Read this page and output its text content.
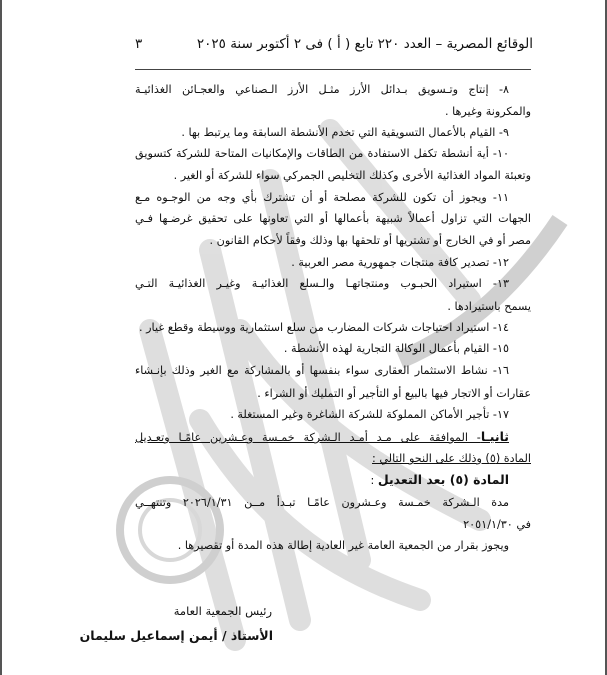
الوقائع المصرية – العدد ٢٢٠ تابع ( أ ) فى ٢ أكتوبر سنة ٢٠٢٥
٣
٨- إنتاج وتـسويق بـدائل الأرز مثـل الأرز الـصناعي والعجـائن الغذائيـة
والمكرونة وغيرها .
٩- القيام بالأعمال التسويقية التي تخدم الأنشطة السابقة وما يرتبط بها .
١٠- أية أنشطة تكفل الاستفادة من الطاقات والإمكانيات المتاحة للشركة كتسويق
وتعبئة المواد الغذائية الأخرى وكذلك التخليص الجمركي سواء للشركة أو الغير .
١١- ويجوز أن تكون للشركة مصلحة أو أن تشترك بأي وجه من الوجـوه مـع
الجهات التي تزاول أعمالاً شبيهة بأعمالها أو التي تعاونها على تحقيق غرضـها فـي
مصر أو في الخارج أو تشتريها أو تلحقها بها وذلك وفقاً لأحكام القانون .
١٢- تصدير كافة منتجات جمهورية مصر العربية .
١٣- استيراد الحبـوب ومنتجاتهـا والـسلع الغذائيـة وغيـر الغذائيـة التـي
يسمح باستيرادها .
١٤- استيراد احتياجات شركات المضارب من سلع استثمارية ووسيطة وقطع غيار .
١٥- القيام بأعمال الوكالة التجارية لهذه الأنشطة .
١٦- نشاط الاستثمار العقارى سواء بنفسها أو بالمشاركة مع الغير وذلك بإنـشاء
عقارات أو الاتجار فيها بالبيع أو التأجير أو التمليك أو الشراء .
١٧- تأجير الأماكن المملوكة للشركة الشاغرة وغير المستغلة .
ثانيـا- الموافقة على مـد أمـد الـشركة خمـسة وعـشرين عامًـا وتعـديل
المادة (٥) وذلك على النحو التالي :
المادة (٥) بعد التعديل :
مدة الـشركة خمـسة وعـشرون عامًـا تبـدأ مــن ٢٠٢٦/١/٣١ وتنتهــي
في ٢٠٥١/١/٣٠
ويجوز بقرار من الجمعية العامة غير العادية إطالة هذه المدة أو تقصيرها .
رئيس الجمعية العامة
الأستاذ / أيمن إسماعيل سليمان
